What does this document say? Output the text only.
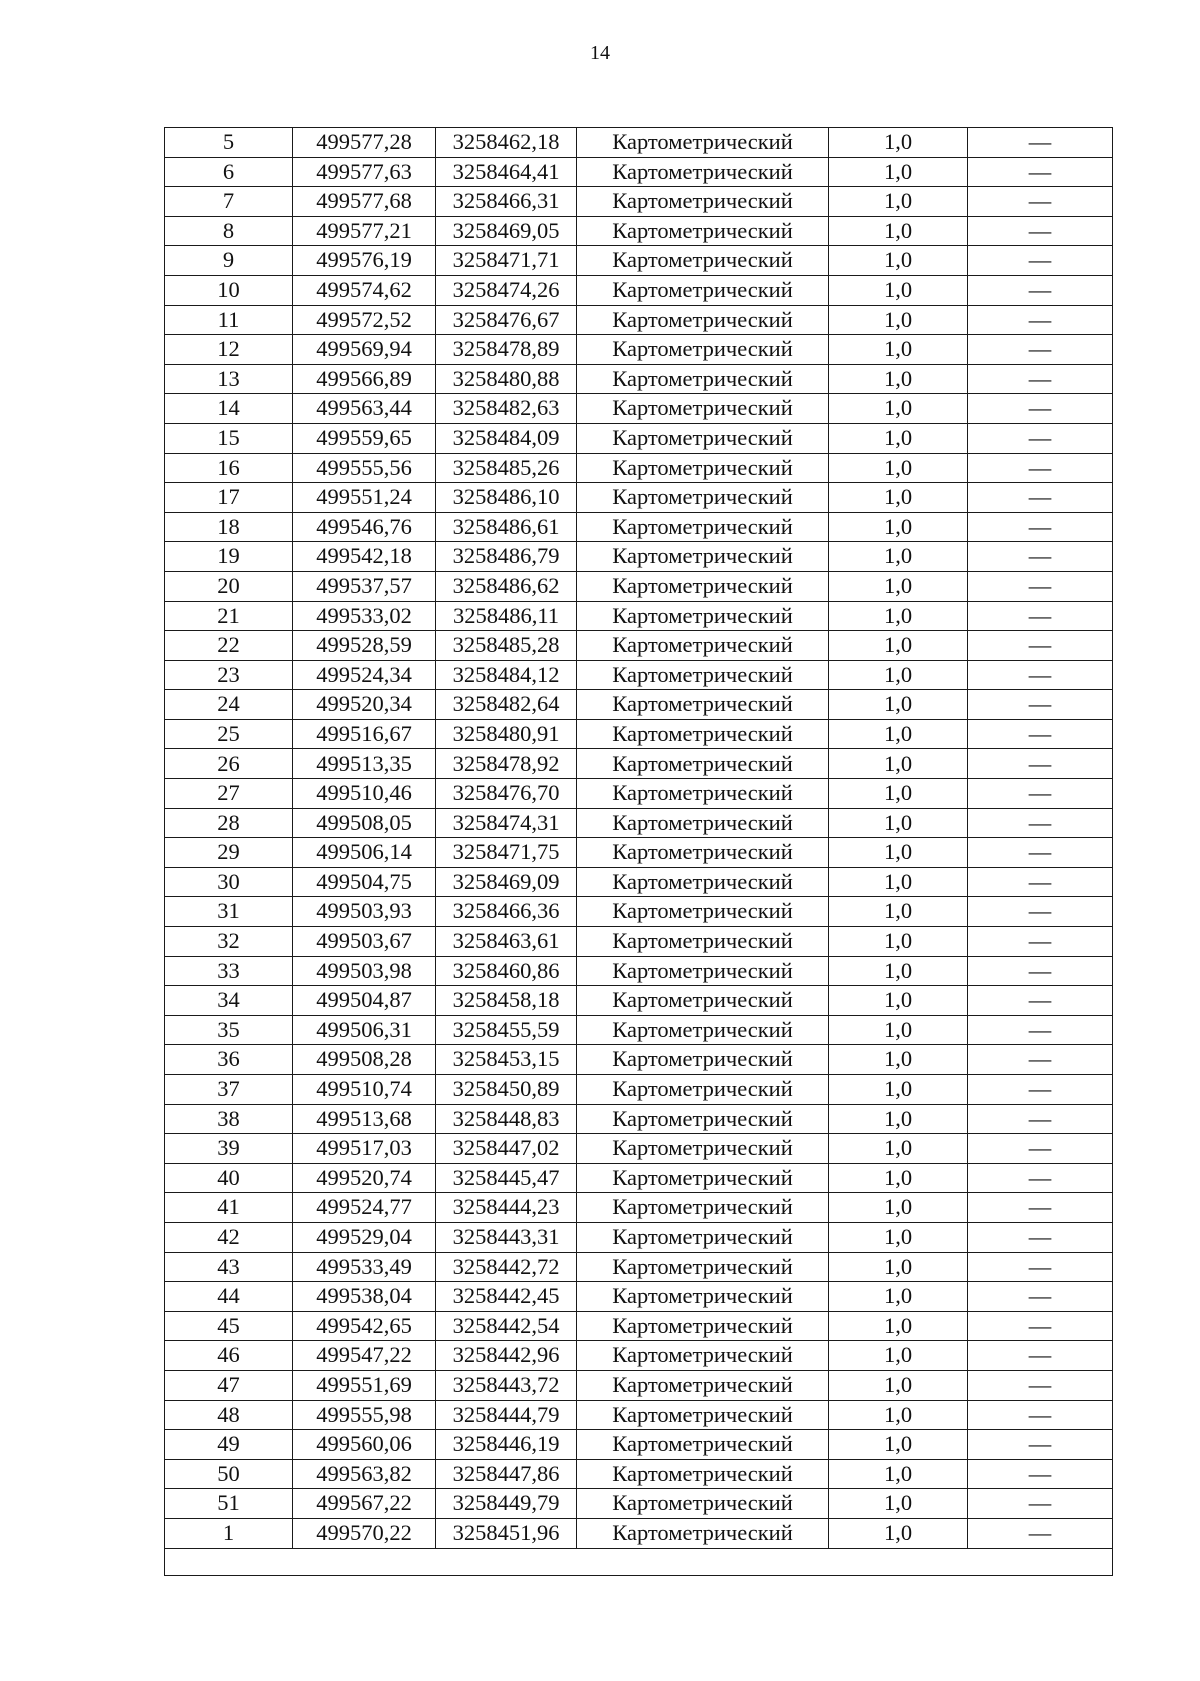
14
5	499577,28	3258462,18	Картометрический	1,0	—
6	499577,63	3258464,41	Картометрический	1,0	—
7	499577,68	3258466,31	Картометрический	1,0	—
8	499577,21	3258469,05	Картометрический	1,0	—
9	499576,19	3258471,71	Картометрический	1,0	—
10	499574,62	3258474,26	Картометрический	1,0	—
11	499572,52	3258476,67	Картометрический	1,0	—
12	499569,94	3258478,89	Картометрический	1,0	—
13	499566,89	3258480,88	Картометрический	1,0	—
14	499563,44	3258482,63	Картометрический	1,0	—
15	499559,65	3258484,09	Картометрический	1,0	—
16	499555,56	3258485,26	Картометрический	1,0	—
17	499551,24	3258486,10	Картометрический	1,0	—
18	499546,76	3258486,61	Картометрический	1,0	—
19	499542,18	3258486,79	Картометрический	1,0	—
20	499537,57	3258486,62	Картометрический	1,0	—
21	499533,02	3258486,11	Картометрический	1,0	—
22	499528,59	3258485,28	Картометрический	1,0	—
23	499524,34	3258484,12	Картометрический	1,0	—
24	499520,34	3258482,64	Картометрический	1,0	—
25	499516,67	3258480,91	Картометрический	1,0	—
26	499513,35	3258478,92	Картометрический	1,0	—
27	499510,46	3258476,70	Картометрический	1,0	—
28	499508,05	3258474,31	Картометрический	1,0	—
29	499506,14	3258471,75	Картометрический	1,0	—
30	499504,75	3258469,09	Картометрический	1,0	—
31	499503,93	3258466,36	Картометрический	1,0	—
32	499503,67	3258463,61	Картометрический	1,0	—
33	499503,98	3258460,86	Картометрический	1,0	—
34	499504,87	3258458,18	Картометрический	1,0	—
35	499506,31	3258455,59	Картометрический	1,0	—
36	499508,28	3258453,15	Картометрический	1,0	—
37	499510,74	3258450,89	Картометрический	1,0	—
38	499513,68	3258448,83	Картометрический	1,0	—
39	499517,03	3258447,02	Картометрический	1,0	—
40	499520,74	3258445,47	Картометрический	1,0	—
41	499524,77	3258444,23	Картометрический	1,0	—
42	499529,04	3258443,31	Картометрический	1,0	—
43	499533,49	3258442,72	Картометрический	1,0	—
44	499538,04	3258442,45	Картометрический	1,0	—
45	499542,65	3258442,54	Картометрический	1,0	—
46	499547,22	3258442,96	Картометрический	1,0	—
47	499551,69	3258443,72	Картометрический	1,0	—
48	499555,98	3258444,79	Картометрический	1,0	—
49	499560,06	3258446,19	Картометрический	1,0	—
50	499563,82	3258447,86	Картометрический	1,0	—
51	499567,22	3258449,79	Картометрический	1,0	—
1	499570,22	3258451,96	Картометрический	1,0	—
